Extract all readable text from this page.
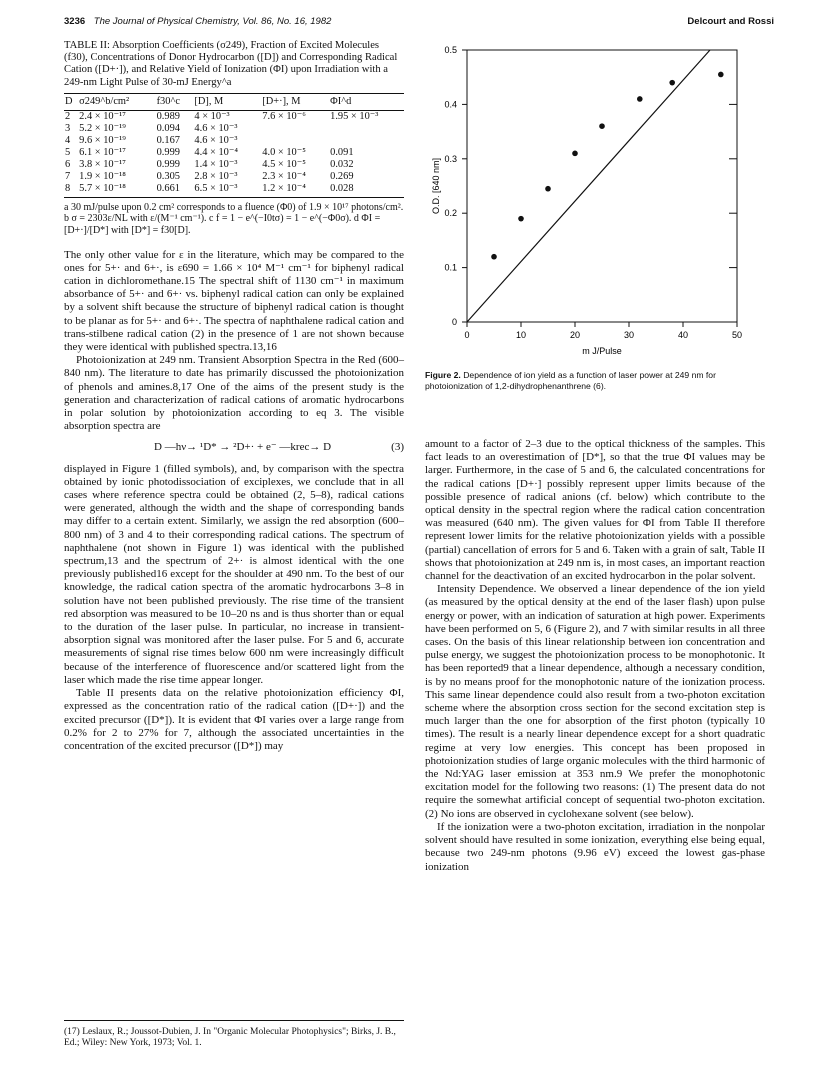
3236 The Journal of Physical Chemistry, Vol. 86, No. 16, 1982	Delcourt and Rossi
TABLE II: Absorption Coefficients (σ249), Fraction of Excited Molecules (f30), Concentrations of Donor Hydrocarbon ([D]) and Corresponding Radical Cation ([D+·]), and Relative Yield of Ionization (ΦI) upon Irradiation with a 249-nm Light Pulse of 30-mJ Energy^a
D	σ249^b/cm²	f30^c	[D], M	[D+·], M	ΦI^d
2	2.4 × 10⁻¹⁷	0.989	4 × 10⁻³	7.6 × 10⁻⁶	1.95 × 10⁻³
3	5.2 × 10⁻¹⁹	0.094	4.6 × 10⁻³		
4	9.6 × 10⁻¹⁹	0.167	4.6 × 10⁻³		
5	6.1 × 10⁻¹⁷	0.999	4.4 × 10⁻⁴	4.0 × 10⁻⁵	0.091
6	3.8 × 10⁻¹⁷	0.999	1.4 × 10⁻³	4.5 × 10⁻⁵	0.032
7	1.9 × 10⁻¹⁸	0.305	2.8 × 10⁻³	2.3 × 10⁻⁴	0.269
8	5.7 × 10⁻¹⁸	0.661	6.5 × 10⁻³	1.2 × 10⁻⁴	0.028
a 30 mJ/pulse upon 0.2 cm² corresponds to a fluence (Φ0) of 1.9 × 10¹⁷ photons/cm². b σ = 2303ε/NL with ε/(M⁻¹ cm⁻¹). c f = 1 − e^(−I0tσ) = 1 − e^(−Φ0σ). d ΦI = [D+·]/[D*] with [D*] = f30[D].

The only other value for ε in the literature, which may be compared to the ones for 5+· and 6+·, is ε690 = 1.66 × 10⁴ M⁻¹ cm⁻¹ for biphenyl radical cation in dichloromethane.15 The spectral shift of 1130 cm⁻¹ in maximum absorbance of 5+· and 6+· vs. biphenyl radical cation can only be explained by a solvent shift because the structure of biphenyl radical cation is thought to be planar as for 5+· and 6+·. The spectra of naphthalene radical cation and trans-stilbene radical cation (2) in the presence of 1 are not shown because they were identical with published spectra.13,16

Photoionization at 249 nm. Transient Absorption Spectra in the Red (600–840 nm). The literature to date has primarily discussed the photoionization of phenols and amines.8,17 One of the aims of the present study is the generation and characterization of radical cations of aromatic hydrocarbons in polar solution by photoionization according to eq 3. The visible absorption spectra are

D —hν→ ¹D* → ²D+· + e⁻ —krec→ D	(3)

displayed in Figure 1 (filled symbols), and, by comparison with the spectra obtained by ionic photodissociation of exciplexes, we conclude that in all cases where reference spectra could be obtained (2, 5–8), radical cations were generated, although the width and the shape of corresponding bands may differ to a certain extent. Similarly, we assign the red absorption (600–800 nm) of 3 and 4 to their corresponding radical cations. The spectrum of naphthalene (not shown in Figure 1) was identical with the published spectrum,13 and the spectrum of 2+· is almost identical with the one previously published16 except for the shoulder at 490 nm. To the best of our knowledge, the radical cation spectra of the aromatic hydrocarbons 3–8 in solution have not been published previously. The rise time of the transient red absorption was measured to be 10–20 ns and is thus shorter than or equal to the duration of the laser pulse. In particular, no increase in transient-absorption signal was monitored after the laser pulse. For 5 and 6, accurate measurements of signal rise times below 600 nm were increasingly difficult because of the interference of fluorescence and/or scattered light from the laser which made the rise time appear longer.

Table II presents data on the relative photoionization efficiency ΦI, expressed as the concentration ratio of the radical cation ([D+·]) and the excited precursor ([D*]). It is evident that ΦI varies over a large range from 0.2% for 2 to 27% for 7, although the associated uncertainties in the concentration of the excited precursor ([D*]) may

(17) Leslaux, R.; Joussot-Dubien, J. In "Organic Molecular Photophysics"; Birks, J. B., Ed.; Wiley: New York, 1973; Vol. 1.
0	10	20	30	40	50
0
0.1
0.2
0.3
0.4
0.5
m J/Pulse
O.D. [640 nm]
Figure 2. Dependence of ion yield as a function of laser power at 249 nm for photoionization of 1,2-dihydrophenanthrene (6).

amount to a factor of 2–3 due to the optical thickness of the samples. This fact leads to an overestimation of [D*], so that the true ΦI values may be larger. Furthermore, in the case of 5 and 6, the calculated concentrations for the radical cations [D+·] possibly represent upper limits because of the possible presence of radical anions (cf. below) which contribute to the optical density in the spectral region where the radical cation concentration was measured (640 nm). The given values for ΦI from Table II therefore represent lower limits for the relative photoionization yields with a possible (partial) cancellation of errors for 5 and 6. Taken with a grain of salt, Table II shows that photoionization at 249 nm is, in most cases, an important reaction channel for the deactivation of an excited hydrocarbon in the polar solvent.

Intensity Dependence. We observed a linear dependence of the ion yield (as measured by the optical density at the end of the laser flash) upon pulse energy or power, with an indication of saturation at high power. Experiments have been performed on 5, 6 (Figure 2), and 7 with similar results in all three cases. On the basis of this linear relationship between ion concentration and pulse energy, we suggest the photoionization process to be monophotonic. It has been reported9 that a linear dependence, although a necessary condition, is by no means proof for the monophotonic nature of the ionization process. This same linear dependence could also result from a two-photon excitation scheme where the absorption cross section for the second excitation step is much larger than the one for absorption of the first photon (typically 10 times). The result is a nearly linear dependence except for a short quadratic regime at very low energies. This concept has been proposed in photoionization studies of large organic molecules with the third harmonic of the Nd:YAG laser emission at 353 nm.9 We prefer the monophotonic excitation model for the following two reasons: (1) The present data do not require the somewhat artificial concept of sequential two-photon excitation. (2) No ions are observed in cyclohexane solvent (see below).

If the ionization were a two-photon excitation, irradiation in the nonpolar solvent should have resulted in some ionization, everything else being equal, because two 249-nm photons (9.96 eV) exceed the lowest gas-phase ionization
